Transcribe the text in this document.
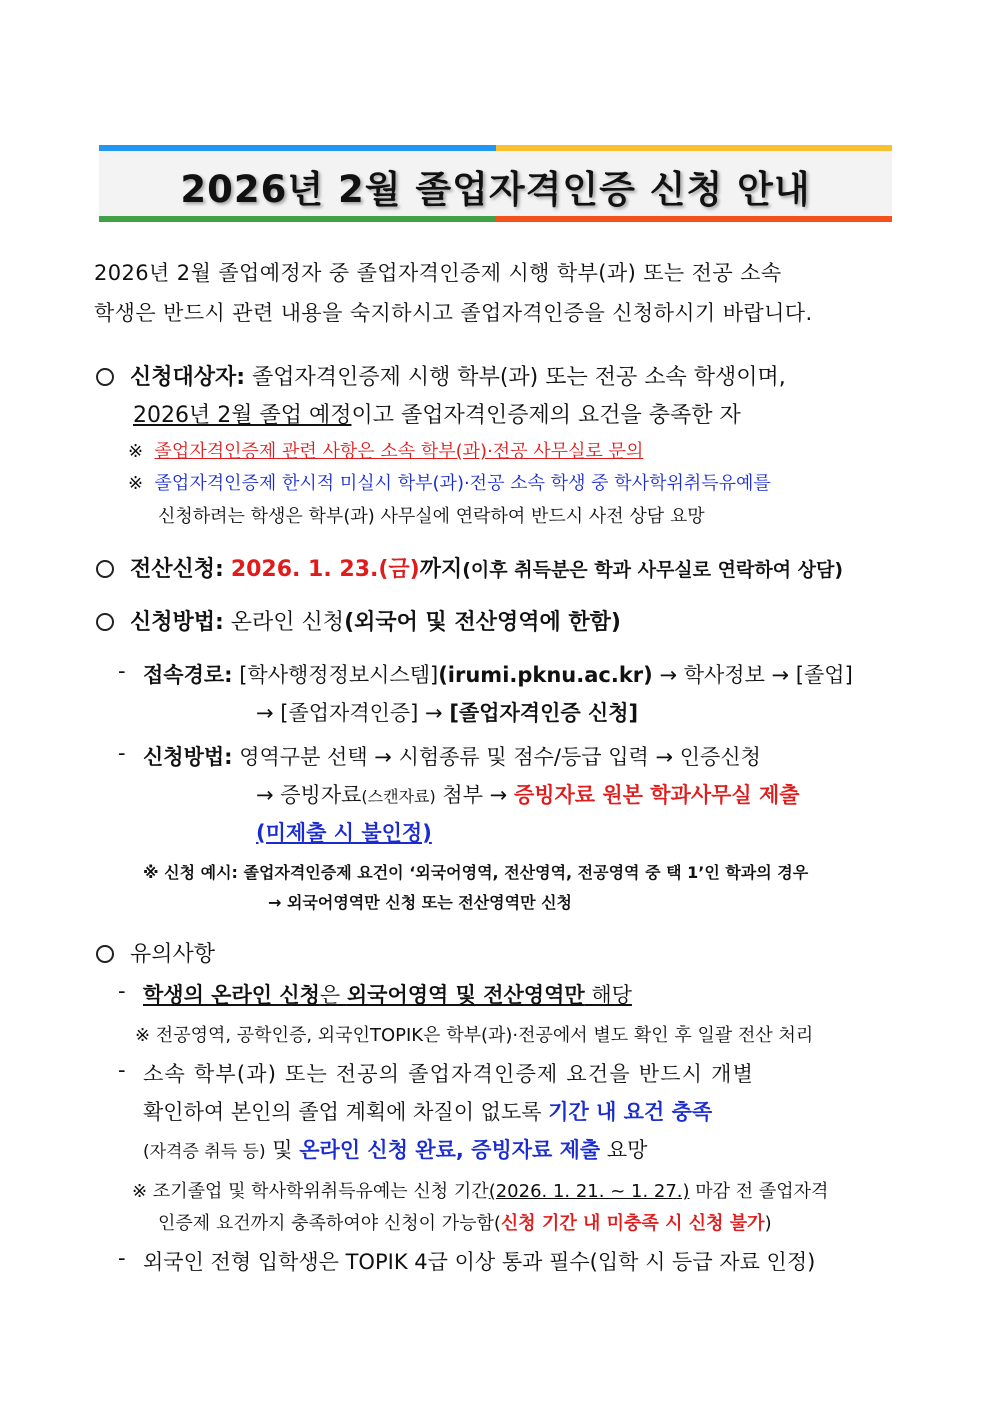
2026년 2월 졸업자격인증 신청 안내
2026년 2월 졸업예정자 중 졸업자격인증제 시행 학부(과) 또는 전공 소속
학생은 반드시 관련 내용을 숙지하시고 졸업자격인증을 신청하시기 바랍니다.
신청대상자: 졸업자격인증제 시행 학부(과) 또는 전공 소속 학생이며,
2026년 2월 졸업 예정이고 졸업자격인증제의 요건을 충족한 자
※ 졸업자격인증제 관련 사항은 소속 학부(과)·전공 사무실로 문의
※ 졸업자격인증제 한시적 미실시 학부(과)·전공 소속 학생 중 학사학위취득유예를
신청하려는 학생은 학부(과) 사무실에 연락하여 반드시 사전 상담 요망
전산신청: 2026. 1. 23.(금)까지(이후 취득분은 학과 사무실로 연락하여 상담)
신청방법: 온라인 신청(외국어 및 전산영역에 한함)
- 접속경로: [학사행정정보시스템](irumi.pknu.ac.kr) → 학사정보 → [졸업]
→ [졸업자격인증] → [졸업자격인증 신청]
- 신청방법: 영역구분 선택 → 시험종류 및 점수/등급 입력 → 인증신청
→ 증빙자료(스캔자료) 첨부 → 증빙자료 원본 학과사무실 제출
(미제출 시 불인정)
※ 신청 예시: 졸업자격인증제 요건이 ‘외국어영역, 전산영역, 전공영역 중 택 1’인 학과의 경우
→ 외국어영역만 신청 또는 전산영역만 신청
유의사항
- 학생의 온라인 신청은 외국어영역 및 전산영역만 해당
※ 전공영역, 공학인증, 외국인TOPIK은 학부(과)·전공에서 별도 확인 후 일괄 전산 처리
- 소속 학부(과) 또는 전공의 졸업자격인증제 요건을 반드시 개별
확인하여 본인의 졸업 계획에 차질이 없도록 기간 내 요건 충족
(자격증 취득 등) 및 온라인 신청 완료, 증빙자료 제출 요망
※ 조기졸업 및 학사학위취득유예는 신청 기간(2026. 1. 21. ~ 1. 27.) 마감 전 졸업자격
인증제 요건까지 충족하여야 신청이 가능함(신청 기간 내 미충족 시 신청 불가)
- 외국인 전형 입학생은 TOPIK 4급 이상 통과 필수(입학 시 등급 자료 인정)
